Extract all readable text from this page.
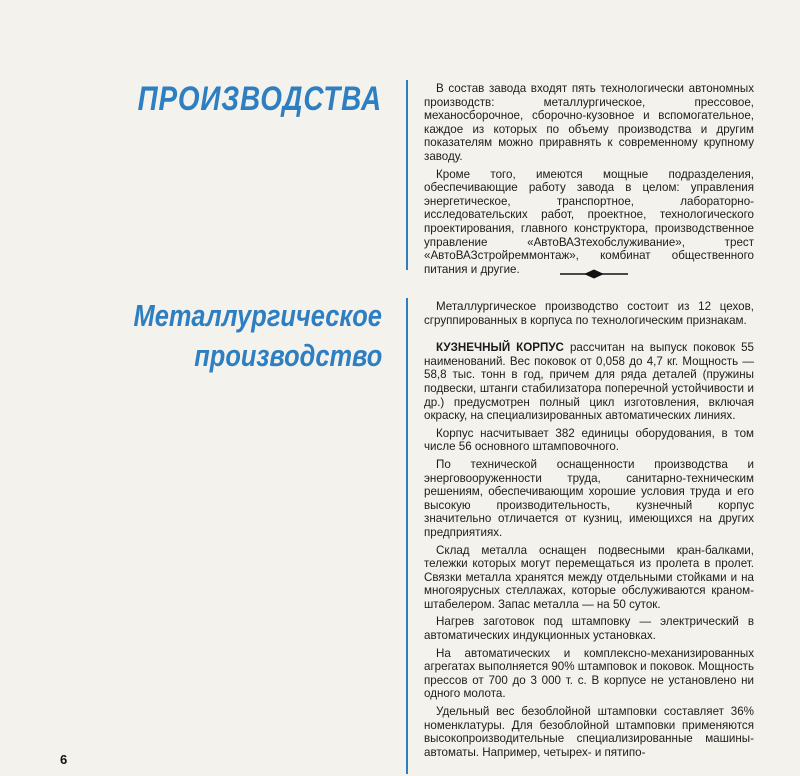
ПРОИЗВОДСТВА
Металлургическое
производство

В состав завода входят пять технологически автономных производств: металлургическое, прессовое, механосборочное, сборочно-кузовное и вспомогательное, каждое из которых по объему производства и другим показателям можно приравнять к современному крупному заводу.

Кроме того, имеются мощные подразделения, обеспечивающие работу завода в целом: управления энергетическое, транспортное, лабораторно-исследовательских работ, проектное, технологического проектирования, главного конструктора, производственное управление «АвтоВАЗтехобслуживание», трест «АвтоВАЗстройреммонтаж», комбинат общественного питания и другие.

Металлургическое производство состоит из 12 цехов, сгруппированных в корпуса по технологическим признакам.

КУЗНЕЧНЫЙ КОРПУС рассчитан на выпуск поковок 55 наименований. Вес поковок от 0,058 до 4,7 кг. Мощность — 58,8 тыс. тонн в год, причем для ряда деталей (пружины подвески, штанги стабилизатора поперечной устойчивости и др.) предусмотрен полный цикл изготовления, включая окраску, на специализированных автоматических линиях.

Корпус насчитывает 382 единицы оборудования, в том числе 56 основного штамповочного.

По технической оснащенности производства и энерговооруженности труда, санитарно-техническим решениям, обеспечивающим хорошие условия труда и его высокую производительность, кузнечный корпус значительно отличается от кузниц, имеющихся на других предприятиях.

Склад металла оснащен подвесными кран-балками, тележки которых могут перемещаться из пролета в пролет. Связки металла хранятся между отдельными стойками и на многоярусных стеллажах, которые обслуживаются краном-штабелером. Запас металла — на 50 суток.

Нагрев заготовок под штамповку — электрический в автоматических индукционных установках.

На автоматических и комплексно-механизированных агрегатах выполняется 90% штамповок и поковок. Мощность прессов от 700 до 3 000 т. с. В корпусе не установлено ни одного молота.

Удельный вес безоблойной штамповки составляет 36% номенклатуры. Для безоблойной штамповки применяются высокопроизводительные специализированные машины-автоматы. Например, четырех- и пятипо-

6
